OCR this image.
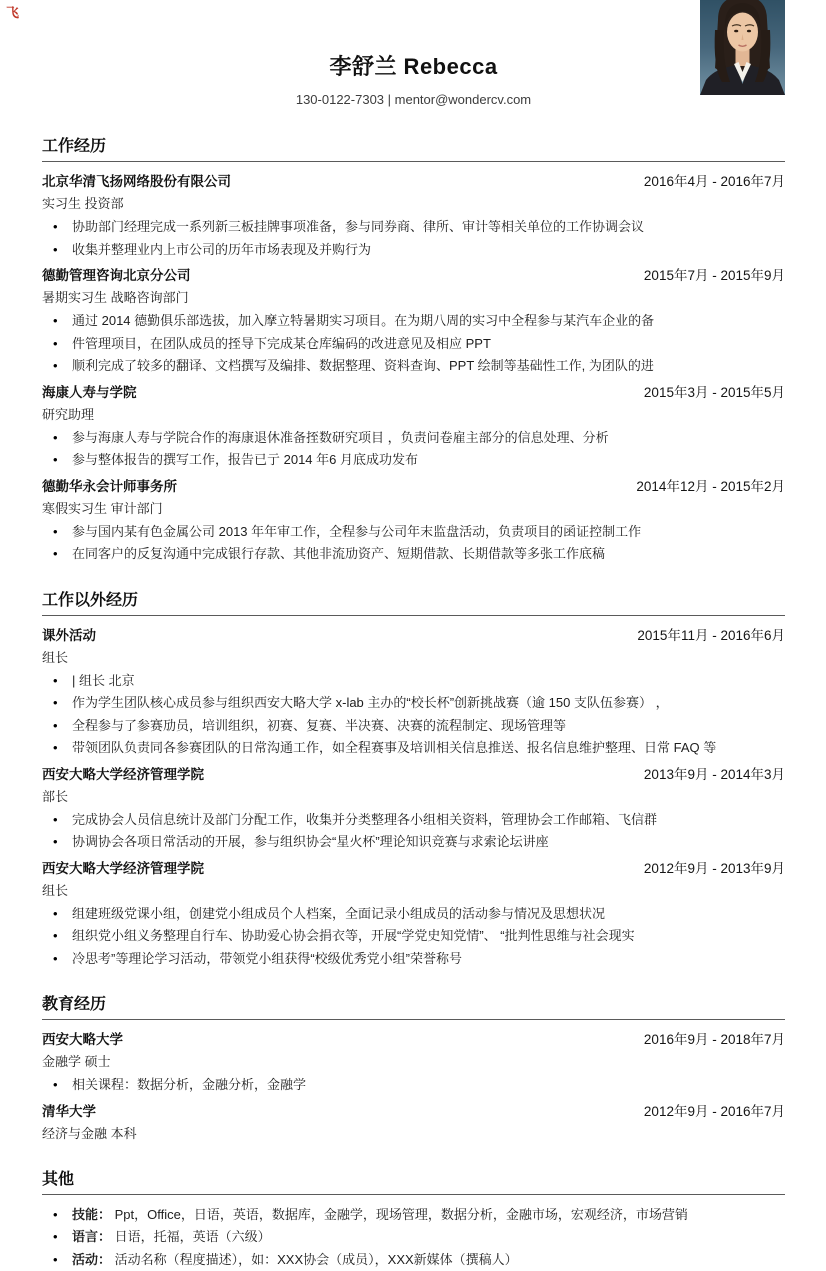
飞
李舒兰 Rebecca
130-0122-7303 | mentor@wondercv.com
工作经历
北京华清飞扬网络股份有限公司	2016年4月 - 2016年7月
实习生 投资部
• 协助部门经理完成一系列新三板挂牌事项准备，参与同券商、律所、审计等相关单位的工作协调会议
• 收集并整理业内上市公司的历年市场表现及并购行为
德勤管理咨询北京分公司	2015年7月 - 2015年9月
暑期实习生 战略咨询部门
• 通过 2014 德勤俱乐部选拔，加入摩立特暑期实习项目。在为期八周的实习中全程参与某汽车企业的备
• 件管理项目，在团队成员的挃导下完成某仓库编码的改进意见及相应 PPT
• 顺利完成了较多的翻译、文档撰写及编排、数据整理、资料查询、PPT 绘制等基础性工作, 为团队的进
海康人寿与学院	2015年3月 - 2015年5月
研究助理
• 参与海康人寿与学院合作的海康退休准备挃数研究项目 ，负责问卷雇主部分的信息处理、分析
• 参与整体报告的撰写工作，报告已亍 2014 年6 月底成功发布
德勤华永会计师事务所	2014年12月 - 2015年2月
寒假实习生 审计部门
• 参与国内某有色金属公司 2013 年年审工作，全程参与公司年末监盘活动，负责项目的函证控制工作
• 在同客户的反复沟通中完成银行存款、其他非流劢资产、短期借款、长期借款等多张工作底稿
工作以外经历
课外活动	2015年11月 - 2016年6月
组长
• | 组长 北京
• 作为学生团队核心成员参与组织西安大略大学 x-lab 主办的“校长杯”创新挑战赛（逾 150 支队伍参赛） ，
• 全程参与了参赛劢员，培训组织，初赛、复赛、半决赛、决赛的流程制定、现场管理等
• 带领团队负责同各参赛团队的日常沟通工作，如全程赛事及培训相关信息推送、报名信息维护整理、日常 FAQ 等
西安大略大学经济管理学院	2013年9月 - 2014年3月
部长
• 完成协会人员信息统计及部门分配工作，收集并分类整理各小组相关资料，管理协会工作邮箱、飞信群
• 协调协会各项日常活动的开展，参与组织协会“星火杯”理论知识竞赛与求索论坛讲座
西安大略大学经济管理学院	2012年9月 - 2013年9月
组长
• 组建班级党课小组，创建党小组成员个人档案，全面记录小组成员的活动参与情况及思想状况
• 组织党小组义务整理自行车、协助爱心协会捐衣等，开展“学党史知党情”、 “批判性思维与社会现实
• 冷思考”等理论学习活动，带领党小组获得“校级优秀党小组”荣誉称号
教育经历
西安大略大学	2016年9月 - 2018年7月
金融学 硕士
• 相关课程：数据分析，金融分析，金融学
清华大学	2012年9月 - 2016年7月
经济与金融 本科
其他
• 技能： Ppt，Office，日语，英语，数据库，金融学，现场管理，数据分析，金融市场，宏观经济，市场营销
• 语言： 日语，托福，英语（六级）
• 活动： 活动名称（程度描述），如：XXX协会（成员），XXX新媒体（撰稿人）
